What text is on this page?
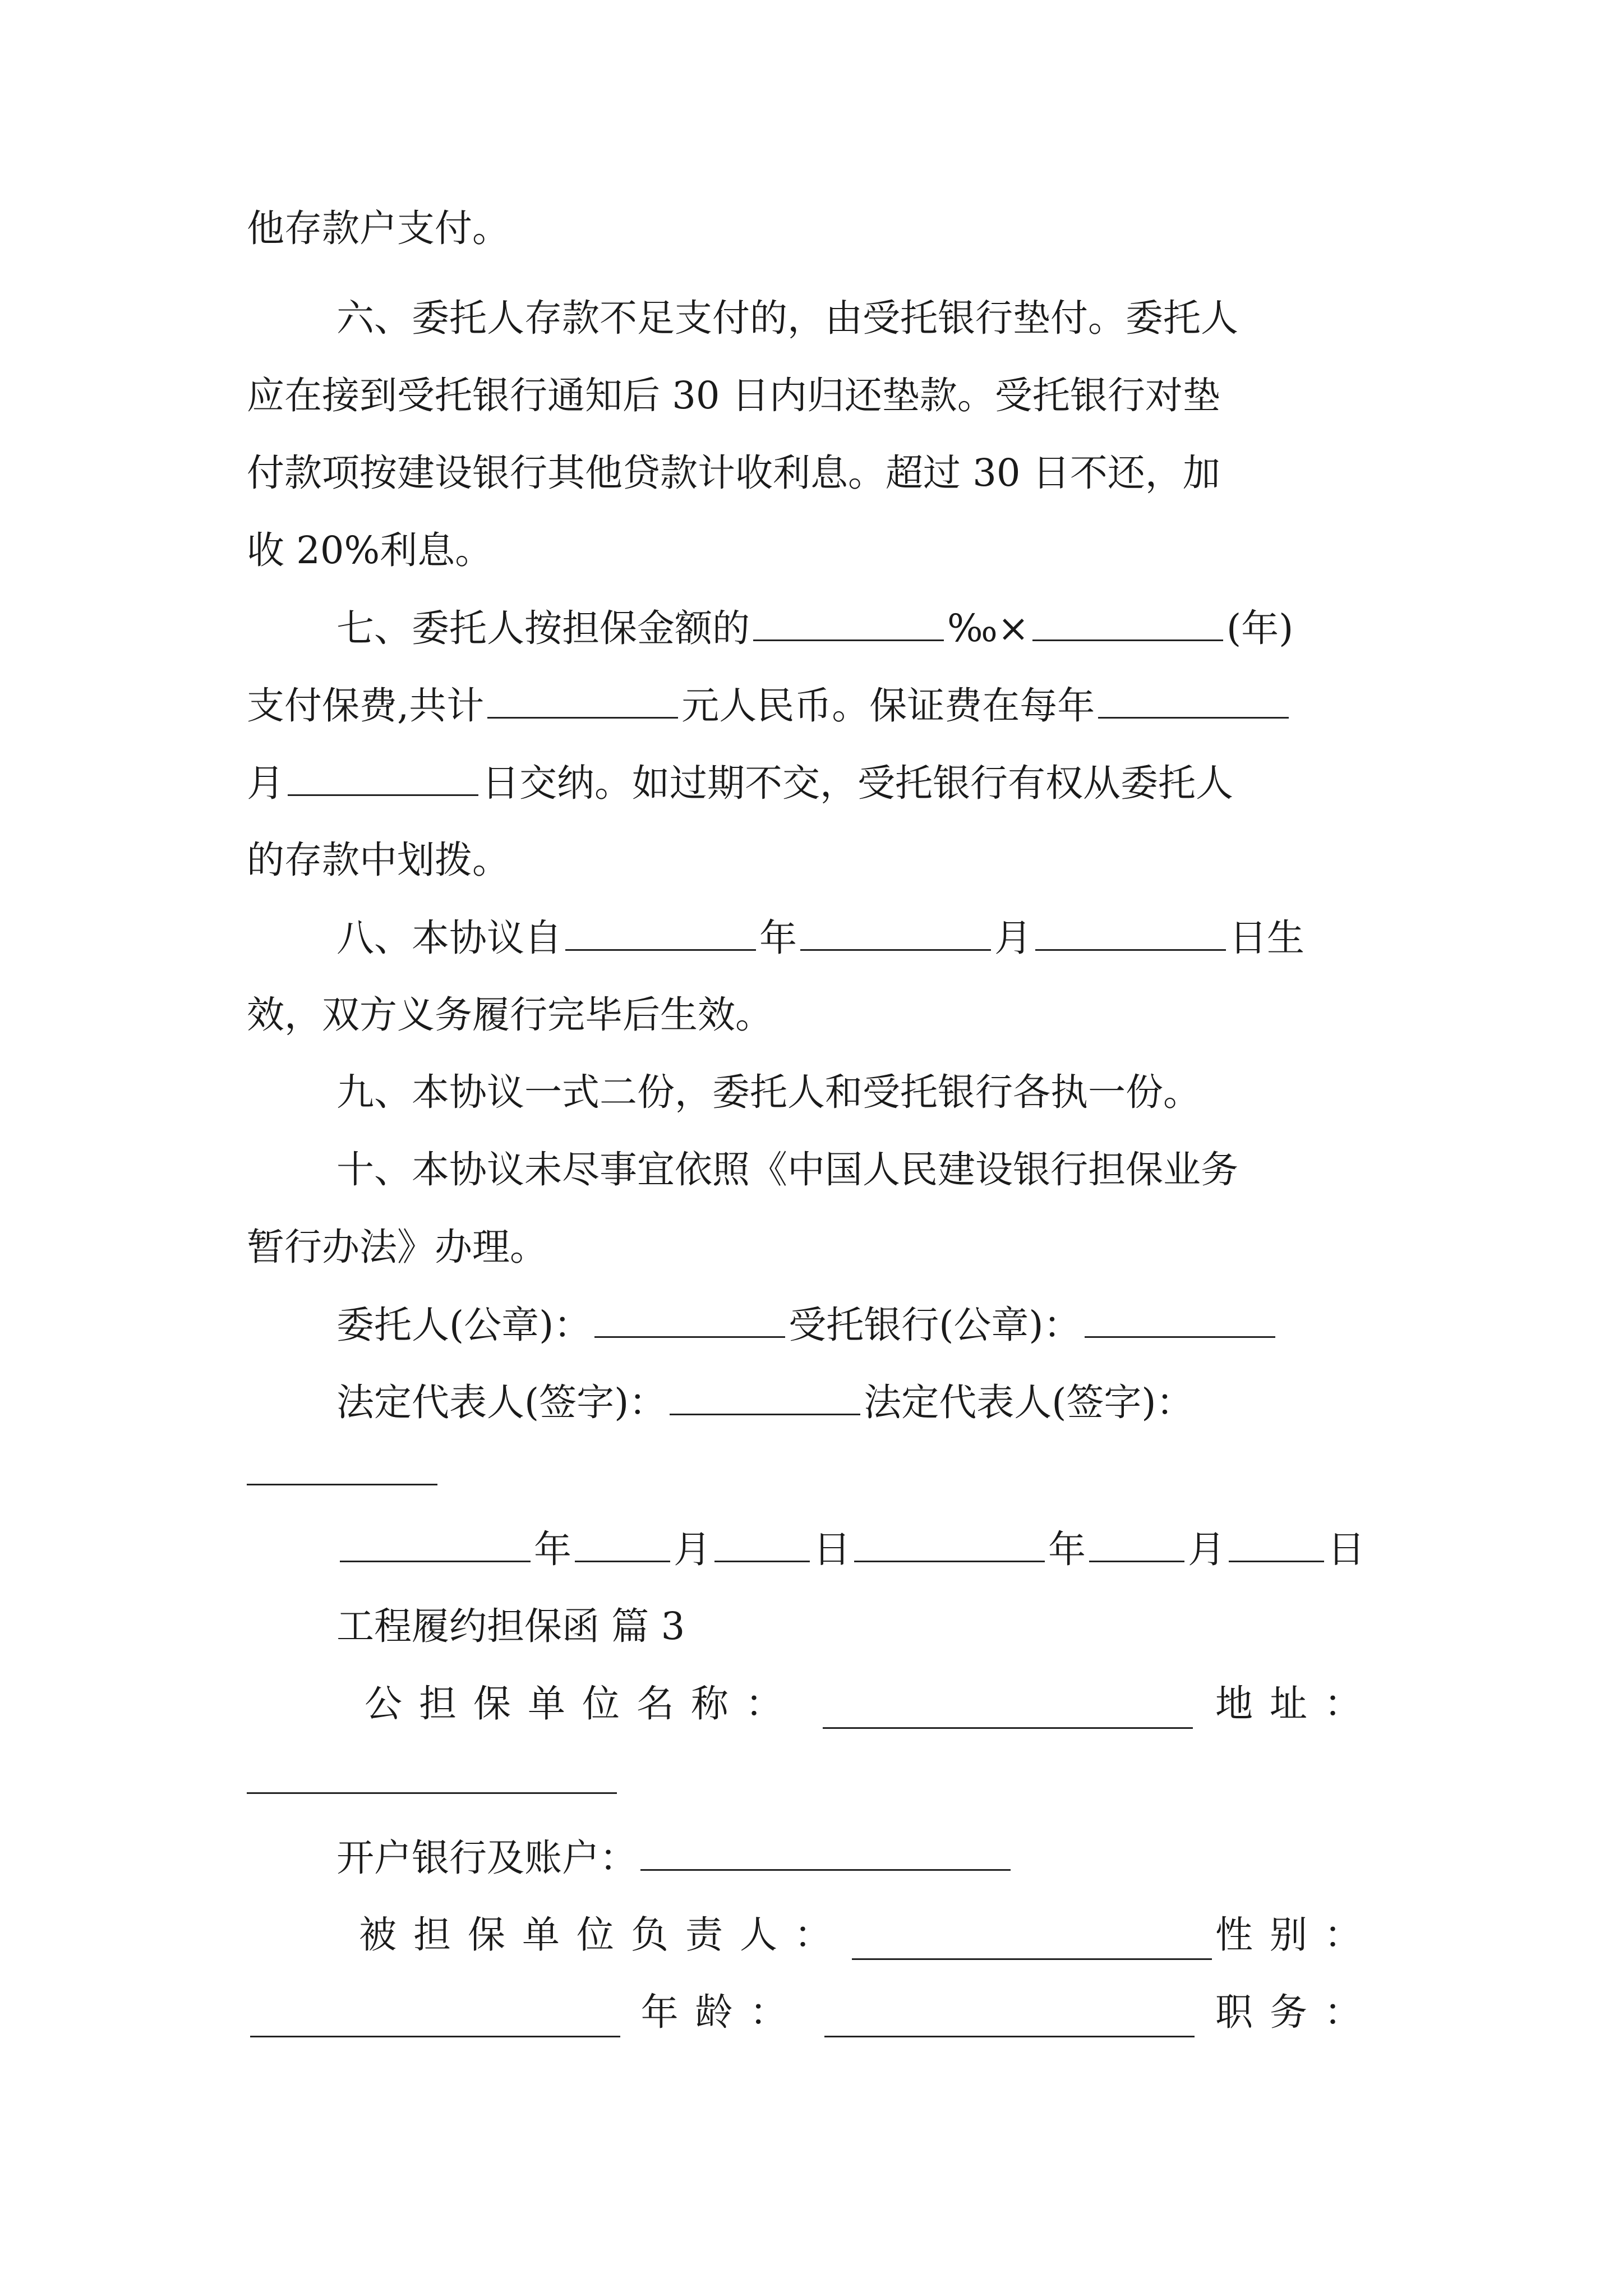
他存款户支付。
六、委托人存款不足支付的，由受托银行垫付。委托人
应在接到受托银行通知后 30 日内归还垫款。受托银行对垫
付款项按建设银行其他贷款计收利息。超过 30 日不还，加
收 20%利息。
七、委托人按担保金额的	‰×	(年)
支付保费,共计	元人民币。保证费在每年
月	日交纳。如过期不交，受托银行有权从委托人
的存款中划拨。
八、本协议自	年	月	日生
效，双方义务履行完毕后生效。
九、本协议一式二份，委托人和受托银行各执一份。
十、本协议未尽事宜依照《中国人民建设银行担保业务
暂行办法》办理。
委托人(公章)：	受托银行(公章)：
法定代表人(签字)：	法定代表人(签字)：
年	月	日	年	月	日
工程履约担保函 篇 3
公担保单位名称：	地址：
开户银行及账户：
被担保单位负责人：	性别：
年龄：	职务：
